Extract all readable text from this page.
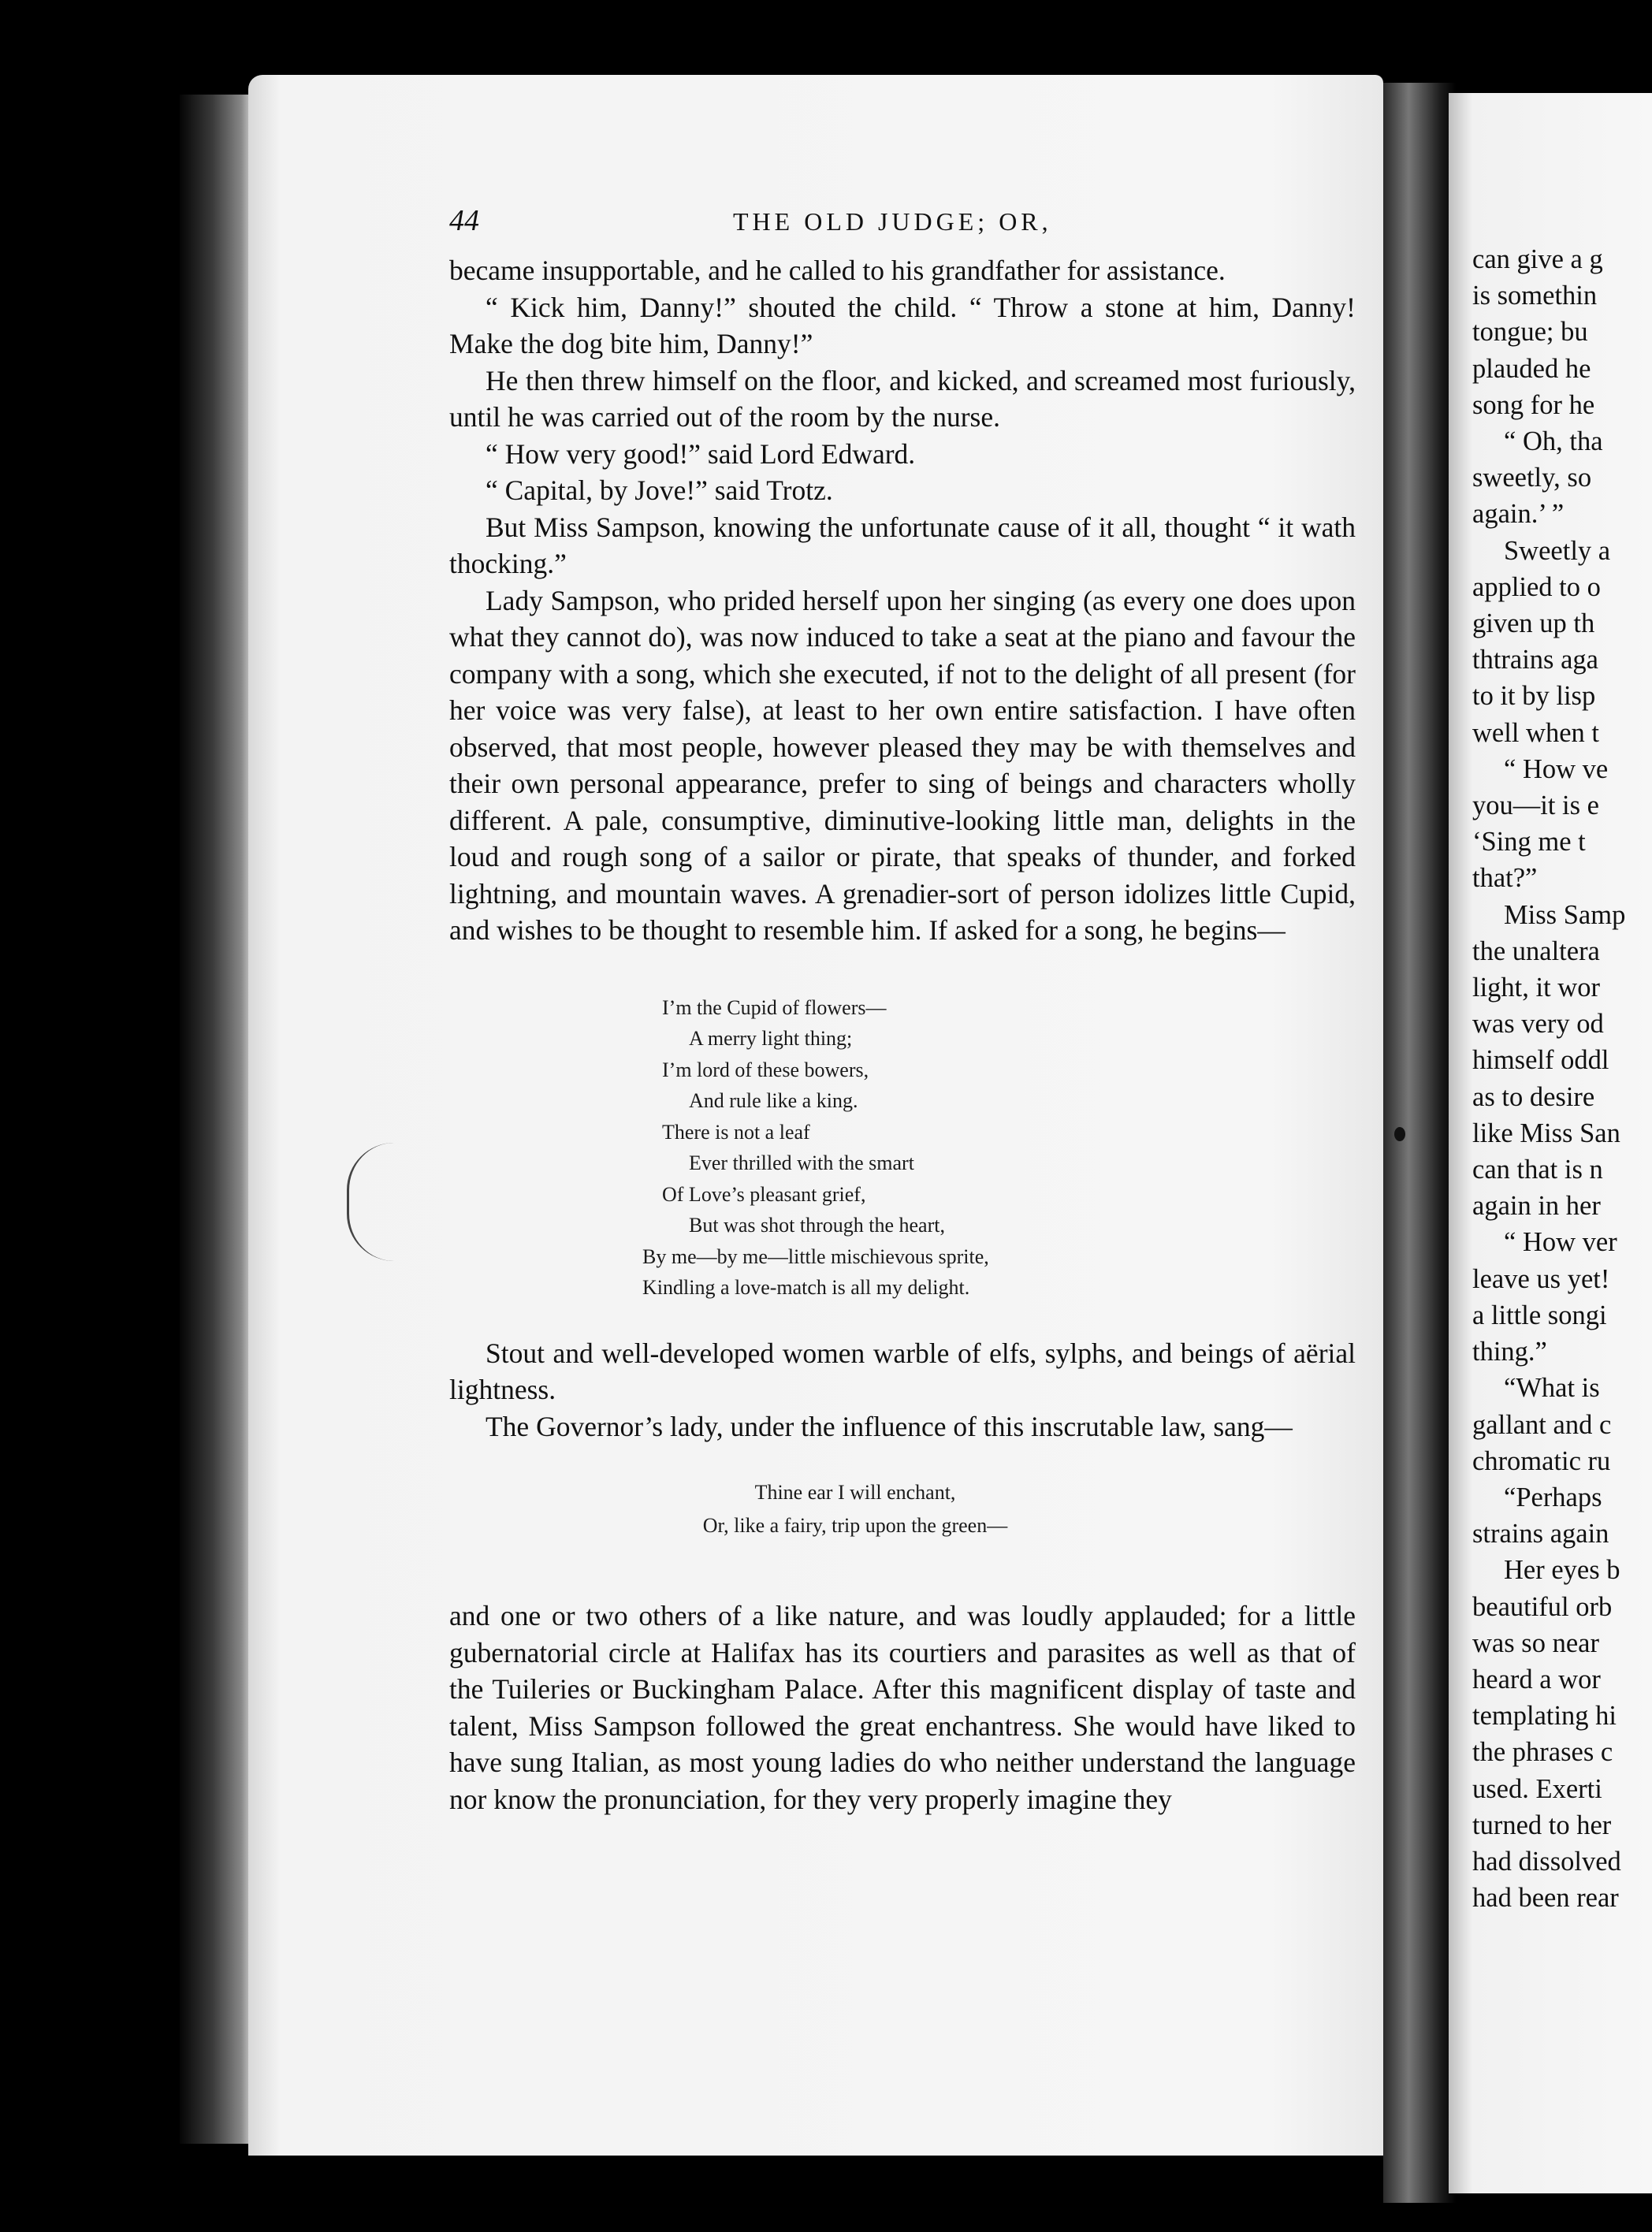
can give a g
is somethin
tongue; bu
plauded he
song for he
“ Oh, tha
sweetly, so
again.’ ”
Sweetly a
applied to o
given up th
thtrains aga
to it by lisp
well when t
“ How ve
you—it is e
‘Sing me t
that?”
Miss Samp
the unaltera
light, it wor
was very od
himself oddl
as to desire
like Miss San
can that is n
again in her
“ How ver
leave us yet!
a little songi
thing.”
“What is
gallant and c
chromatic ru
“Perhaps
strains again
Her eyes b
beautiful orb
was so near
heard a wor
templating hi
the phrases c
used. Exerti
turned to her
had dissolved
had been rear
44	THE OLD JUDGE; OR,

became insupportable, and he called to his grandfather for assistance.

“ Kick him, Danny!” shouted the child. “ Throw a stone at him, Danny! Make the dog bite him, Danny!”

He then threw himself on the floor, and kicked, and screamed most furiously, until he was carried out of the room by the nurse.

“ How very good!” said Lord Edward.

“ Capital, by Jove!” said Trotz.

But Miss Sampson, knowing the unfortunate cause of it all, thought “ it wath thocking.”

Lady Sampson, who prided herself upon her singing (as every one does upon what they cannot do), was now induced to take a seat at the piano and favour the company with a song, which she executed, if not to the delight of all present (for her voice was very false), at least to her own entire satisfaction. I have often observed, that most people, however pleased they may be with themselves and their own personal appearance, prefer to sing of beings and characters wholly different. A pale, consumptive, diminutive-looking little man, delights in the loud and rough song of a sailor or pirate, that speaks of thunder, and forked lightning, and mountain waves. A grenadier-sort of person idolizes little Cupid, and wishes to be thought to resemble him. If asked for a song, he begins—

I’m the Cupid of flowers—
A merry light thing;
I’m lord of these bowers,
And rule like a king.
There is not a leaf
Ever thrilled with the smart
Of Love’s pleasant grief,
But was shot through the heart,
By me—by me—little mischievous sprite,
Kindling a love-match is all my delight.

Stout and well-developed women warble of elfs, sylphs, and beings of aërial lightness.

The Governor’s lady, under the influence of this inscrutable law, sang—

Thine ear I will enchant,
Or, like a fairy, trip upon the green—

and one or two others of a like nature, and was loudly applauded; for a little gubernatorial circle at Halifax has its courtiers and parasites as well as that of the Tuileries or Buckingham Palace. After this magnificent display of taste and talent, Miss Sampson followed the great enchantress. She would have liked to have sung Italian, as most young ladies do who neither understand the language nor know the pronunciation, for they very properly imagine they
